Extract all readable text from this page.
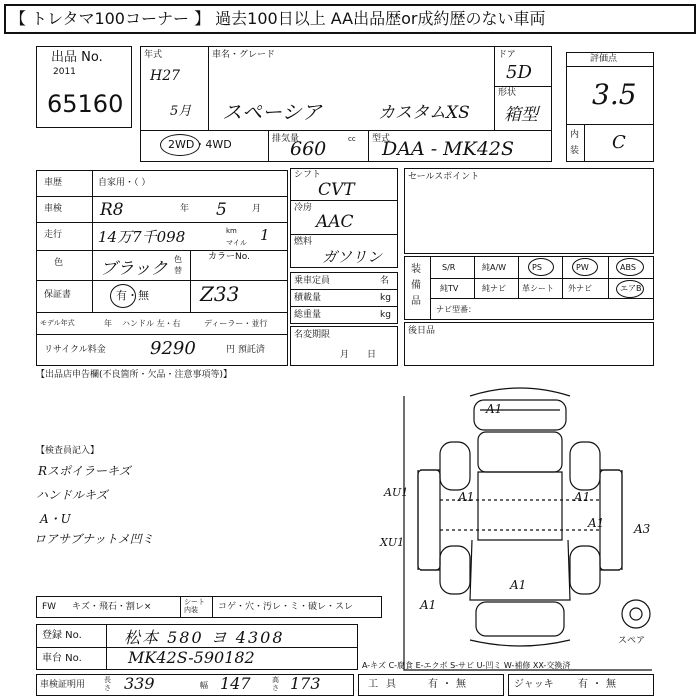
【 トレタマ100コーナー 】 過去100日以上 AA出品歴or成約歴のない車両
出品 No.
2011
65160
年式
H27
5月
車名・グレード
スペーシア	カスタムXS
ドア
5D
形状
箱型
2WD・4WD	排気量
660	cc 型式
DAA - MK42S
評価点
3.5
内
装 C
車歴	自家用・（ ）
車検 R8	年 5	月
走行 14万7千098	km
マイル 1
色 ブラック 色替
カラーNo.
Z33
保証書	有・無
モデル年式	年 ハンドル 左・右	ディーラー・並行
リサイクル料金 9290	円 預託済
シフト
CVT
冷房
AAC
燃料
ガソリン
乗車定員	名
積載量	kg
総重量	kg
名変期限
月日
セールスポイント
装備品
S/R	純A/W	PS	PW	ABS
純TV	純ナビ 革シート 外ナビ	エアB
ナビ型番：
後日品
【出品店申告欄(不良箇所・欠品・注意事項等)】
【検査員記入】
Rスポイラーキズ
ハンドルキズ
A・U
ロアサブナットメ凹ミ
AU1	A1	A1
A1
A1 A3
XU1
A1
A1
スペア
FW キズ・飛石・割レ×	シート内装	コゲ・穴・汚レ・ミ・破レ・スレ
登録 No.	松本 580 ヨ 4308
車台 No.	MK42S-590182	A-キズ C-腐食 E-エクボ S-サビ U-凹ミ W-補修 XX-交換済
車検証明用	長さ 339	幅 147	高さ 173	工具 有・無	ジャッキ 有・無
